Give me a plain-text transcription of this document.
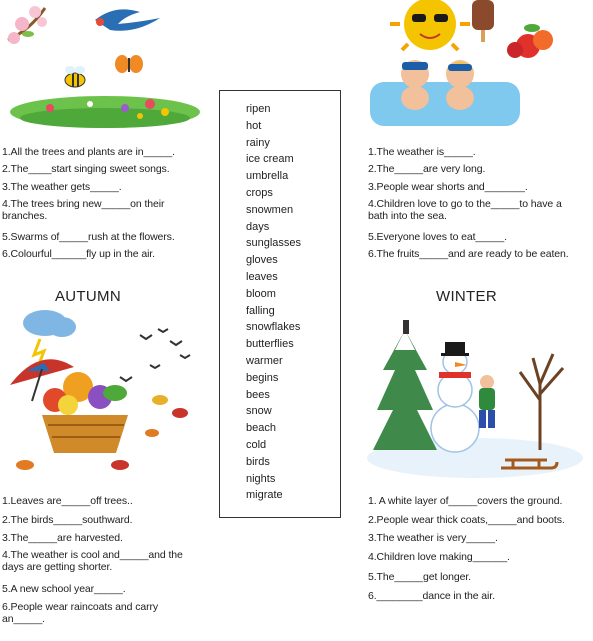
1.All the trees and plants are in_____.
2.The____start singing sweet songs.
3.The weather gets_____.
4.The trees bring new_____on their branches.
5.Swarms of_____rush at the flowers.
6.Colourful______fly up in the air.
1.The weather is_____.
2.The_____are very long.
3.People wear shorts and_______.
4.Children love to go to the_____to have a bath into the sea.
5.Everyone loves to eat_____.
6.The fruits_____and are ready to be eaten.
ripen
hot
rainy
ice cream
umbrella
crops
snowmen
days
sunglasses
gloves
leaves
bloom
falling
snowflakes
butterflies
warmer
begins
bees
snow
beach
cold
birds
nights
migrate
AUTUMN	WINTER
1.Leaves are_____off trees..
2.The birds_____southward.
3.The_____are harvested.
4.The weather is cool and_____and the days are getting shorter.
5.A new school year_____.
6.People wear raincoats and carry an_____.
1. A white layer of_____covers the ground.
2.People wear thick coats,_____and boots.
3.The weather is very_____.
4.Children love making______.
5.The_____get longer.
6.________dance in the air.
